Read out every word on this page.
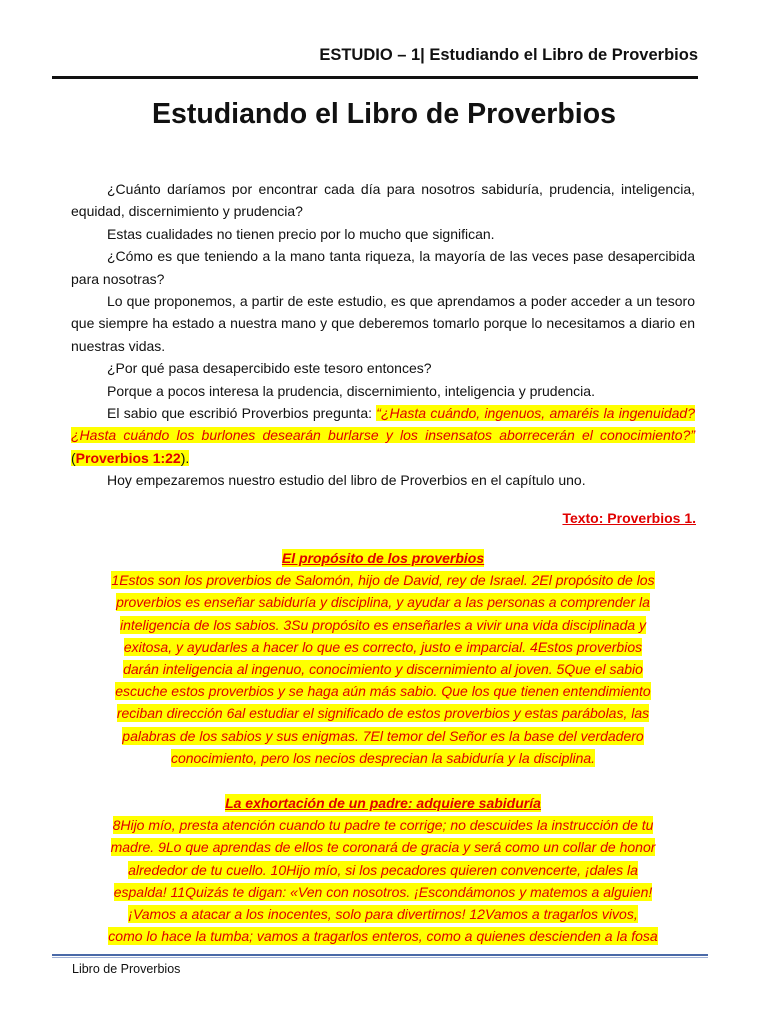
ESTUDIO – 1| Estudiando el Libro de Proverbios
Estudiando el Libro de Proverbios

¿Cuánto daríamos por encontrar cada día para nosotros sabiduría, prudencia, inteligencia, equidad, discernimiento y prudencia?

Estas cualidades no tienen precio por lo mucho que significan.

¿Cómo es que teniendo a la mano tanta riqueza, la mayoría de las veces pase desapercibida para nosotras?

Lo que proponemos, a partir de este estudio, es que aprendamos a poder acceder a un tesoro que siempre ha estado a nuestra mano y que deberemos tomarlo porque lo necesitamos a diario en nuestras vidas.

¿Por qué pasa desapercibido este tesoro entonces?

Porque a pocos interesa la prudencia, discernimiento, inteligencia y prudencia.

El sabio que escribió Proverbios pregunta: “¿Hasta cuándo, ingenuos, amaréis la ingenuidad? ¿Hasta cuándo los burlones desearán burlarse y los insensatos aborrecerán el conocimiento?” (Proverbios 1:22).

Hoy empezaremos nuestro estudio del libro de Proverbios en el capítulo uno.

Texto: Proverbios 1.
El propósito de los proverbios
1Estos son los proverbios de Salomón, hijo de David, rey de Israel. 2El propósito de los
proverbios es enseñar sabiduría y disciplina, y ayudar a las personas a comprender la
inteligencia de los sabios. 3Su propósito es enseñarles a vivir una vida disciplinada y
exitosa, y ayudarles a hacer lo que es correcto, justo e imparcial. 4Estos proverbios
darán inteligencia al ingenuo, conocimiento y discernimiento al joven. 5Que el sabio
escuche estos proverbios y se haga aún más sabio. Que los que tienen entendimiento
reciban dirección 6al estudiar el significado de estos proverbios y estas parábolas, las
palabras de los sabios y sus enigmas. 7El temor del Señor es la base del verdadero
conocimiento, pero los necios desprecian la sabiduría y la disciplina.
La exhortación de un padre: adquiere sabiduría
8Hijo mío, presta atención cuando tu padre te corrige; no descuides la instrucción de tu
madre. 9Lo que aprendas de ellos te coronará de gracia y será como un collar de honor
alrededor de tu cuello. 10Hijo mío, si los pecadores quieren convencerte, ¡dales la
espalda! 11Quizás te digan: «Ven con nosotros. ¡Escondámonos y matemos a alguien!
¡Vamos a atacar a los inocentes, solo para divertirnos! 12Vamos a tragarlos vivos,
como lo hace la tumba; vamos a tragarlos enteros, como a quienes descienden a la fosa
Libro de Proverbios
